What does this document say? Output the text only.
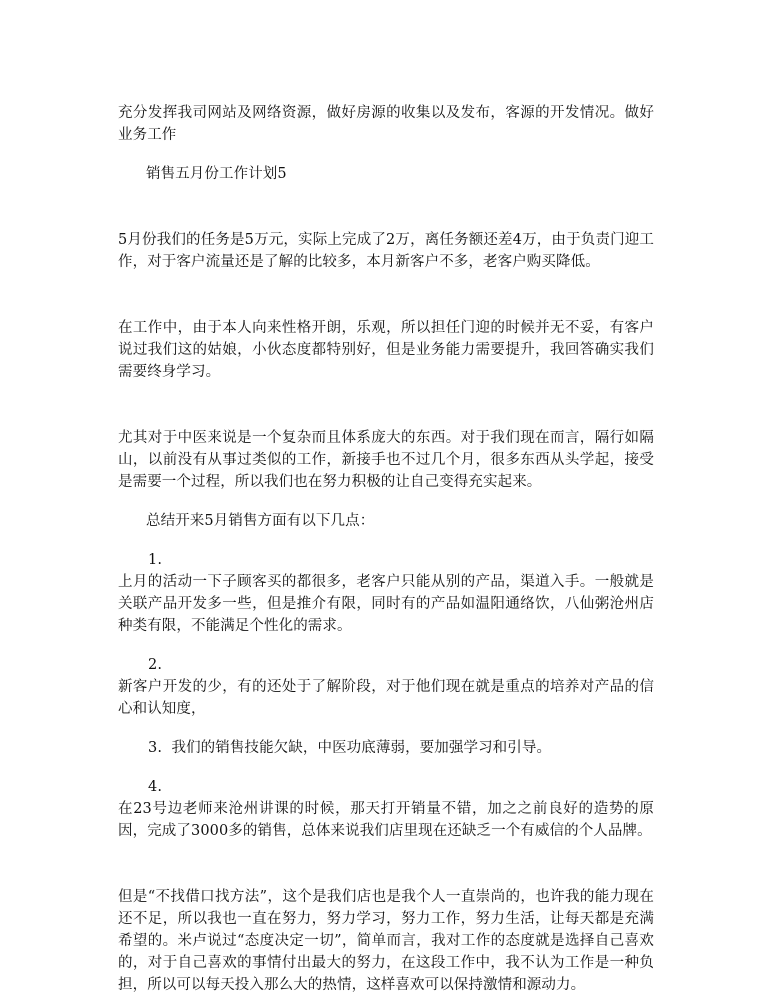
充分发挥我司网站及网络资源，做好房源的收集以及发布，客源的开发情况。做好业务工作

销售五月份工作计划5

5月份我们的任务是5万元，实际上完成了2万，离任务额还差4万，由于负责门迎工作，对于客户流量还是了解的比较多，本月新客户不多，老客户购买降低。

在工作中，由于本人向来性格开朗，乐观，所以担任门迎的时候并无不妥，有客户说过我们这的姑娘，小伙态度都特别好，但是业务能力需要提升，我回答确实我们需要终身学习。

尤其对于中医来说是一个复杂而且体系庞大的东西。对于我们现在而言，隔行如隔山，以前没有从事过类似的工作，新接手也不过几个月，很多东西从头学起，接受是需要一个过程，所以我们也在努力积极的让自己变得充实起来。

总结开来5月销售方面有以下几点：

1.

上月的活动一下子顾客买的都很多，老客户只能从别的产品，渠道入手。一般就是关联产品开发多一些，但是推介有限，同时有的产品如温阳通络饮，八仙粥沧州店种类有限，不能满足个性化的需求。

2.

新客户开发的少，有的还处于了解阶段，对于他们现在就是重点的培养对产品的信心和认知度，

3. 我们的销售技能欠缺，中医功底薄弱，要加强学习和引导。

4.

在23号边老师来沧州讲课的时候，那天打开销量不错，加之之前良好的造势的原因，完成了3000多的销售，总体来说我们店里现在还缺乏一个有威信的个人品牌。

但是“不找借口找方法”，这个是我们店也是我个人一直崇尚的，也许我的能力现在还不足，所以我也一直在努力，努力学习，努力工作，努力生活，让每天都是充满希望的。米卢说过“态度决定一切”，简单而言，我对工作的态度就是选择自己喜欢的，对于自己喜欢的事情付出最大的努力，在这段工作中，我不认为工作是一种负担，所以可以每天投入那么大的热情，这样喜欢可以保持激情和源动力。
